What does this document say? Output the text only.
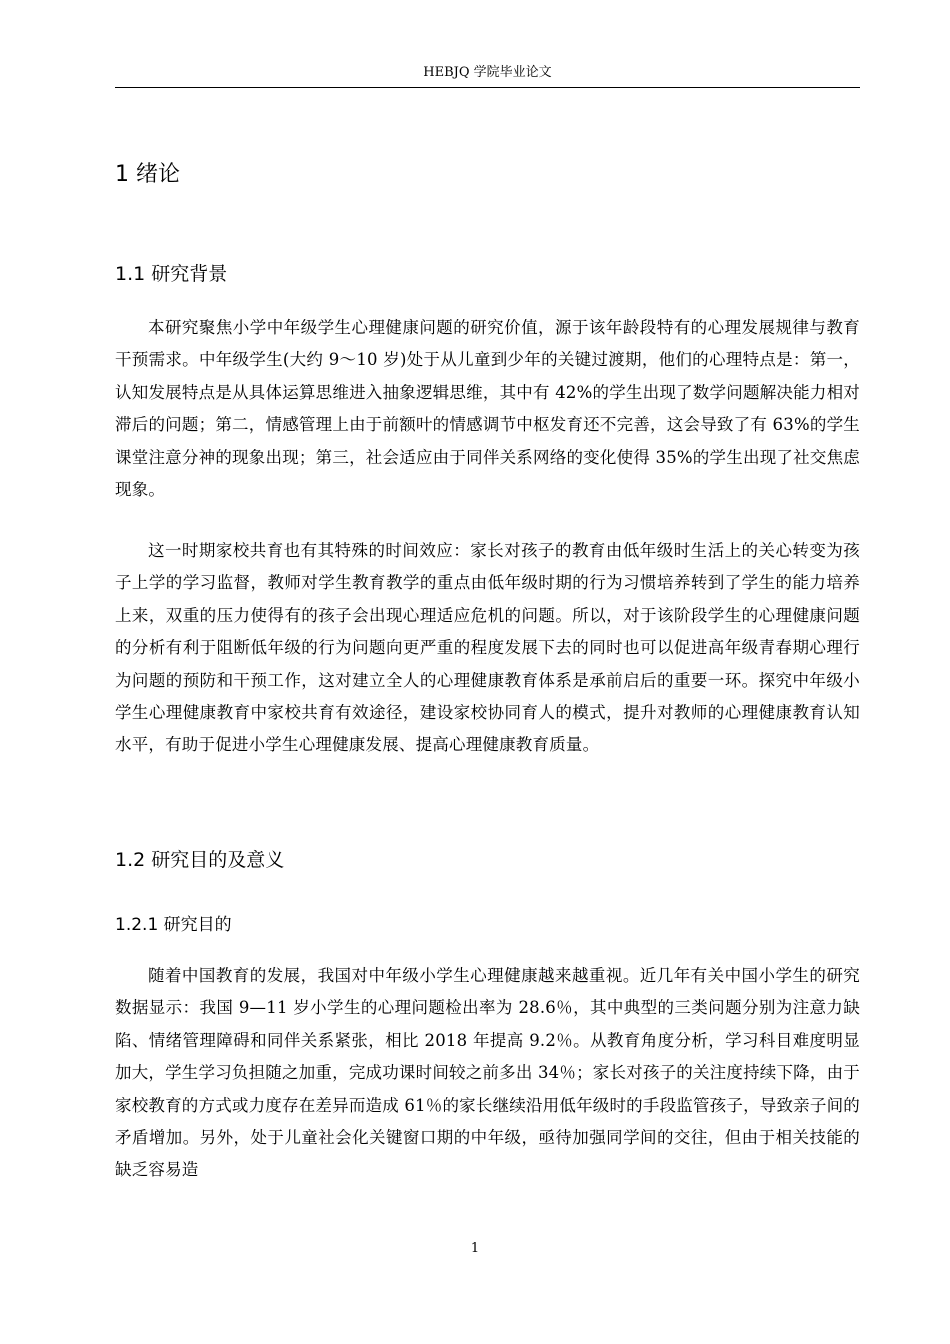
HEBJQ 学院毕业论文
1 绪论
1.1 研究背景

本研究聚焦小学中年级学生心理健康问题的研究价值，源于该年龄段特有的心理发展规律与教育干预需求。中年级学生(大约 9～10 岁)处于从儿童到少年的关键过渡期，他们的心理特点是：第一，认知发展特点是从具体运算思维进入抽象逻辑思维，其中有 42%的学生出现了数学问题解决能力相对滞后的问题；第二，情感管理上由于前额叶的情感调节中枢发育还不完善，这会导致了有 63%的学生课堂注意分神的现象出现；第三，社会适应由于同伴关系网络的变化使得 35%的学生出现了社交焦虑现象。

这一时期家校共育也有其特殊的时间效应：家长对孩子的教育由低年级时生活上的关心转变为孩子上学的学习监督，教师对学生教育教学的重点由低年级时期的行为习惯培养转到了学生的能力培养上来，双重的压力使得有的孩子会出现心理适应危机的问题。所以，对于该阶段学生的心理健康问题的分析有利于阻断低年级的行为问题向更严重的程度发展下去的同时也可以促进高年级青春期心理行为问题的预防和干预工作，这对建立全人的心理健康教育体系是承前启后的重要一环。探究中年级小学生心理健康教育中家校共育有效途径，建设家校协同育人的模式，提升对教师的心理健康教育认知水平，有助于促进小学生心理健康发展、提高心理健康教育质量。

1.2 研究目的及意义
1.2.1 研究目的

随着中国教育的发展，我国对中年级小学生心理健康越来越重视。近几年有关中国小学生的研究数据显示：我国 9—11 岁小学生的心理问题检出率为 28.6％，其中典型的三类问题分别为注意力缺陷、情绪管理障碍和同伴关系紧张，相比 2018 年提高 9.2％。从教育角度分析，学习科目难度明显加大，学生学习负担随之加重，完成功课时间较之前多出 34％；家长对孩子的关注度持续下降，由于家校教育的方式或力度存在差异而造成 61％的家长继续沿用低年级时的手段监管孩子，导致亲子间的矛盾增加。另外，处于儿童社会化关键窗口期的中年级，亟待加强同学间的交往，但由于相关技能的缺乏容易造

1
